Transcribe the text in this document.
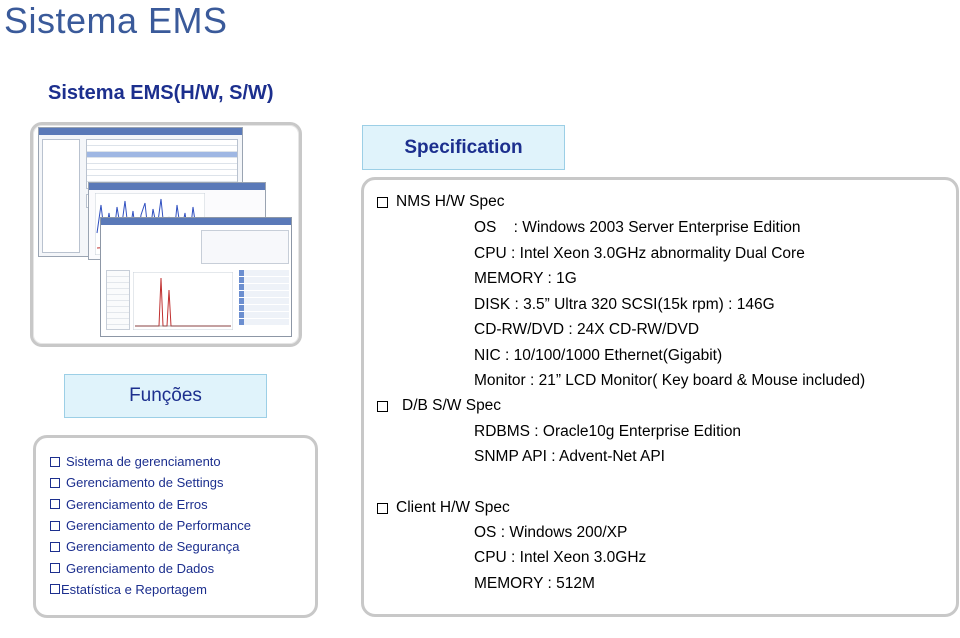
Sistema EMS
Sistema EMS(H/W, S/W)
Funções
Sistema de gerenciamento
Gerenciamento de Settings
Gerenciamento de Erros
Gerenciamento de Performance
Gerenciamento de Segurança
Gerenciamento de Dados
Estatística e Reportagem
Specification
NMS H/W Spec
OS    : Windows 2003 Server Enterprise Edition
CPU : Intel Xeon 3.0GHz abnormality Dual Core
MEMORY : 1G
DISK : 3.5” Ultra 320 SCSI(15k rpm) : 146G
CD-RW/DVD : 24X CD-RW/DVD
NIC : 10/100/1000 Ethernet(Gigabit)
Monitor : 21” LCD Monitor( Key board & Mouse included)
D/B S/W Spec
RDBMS : Oracle10g Enterprise Edition
SNMP API : Advent-Net API
Client H/W Spec
OS : Windows 200/XP
CPU : Intel Xeon 3.0GHz
MEMORY : 512M
